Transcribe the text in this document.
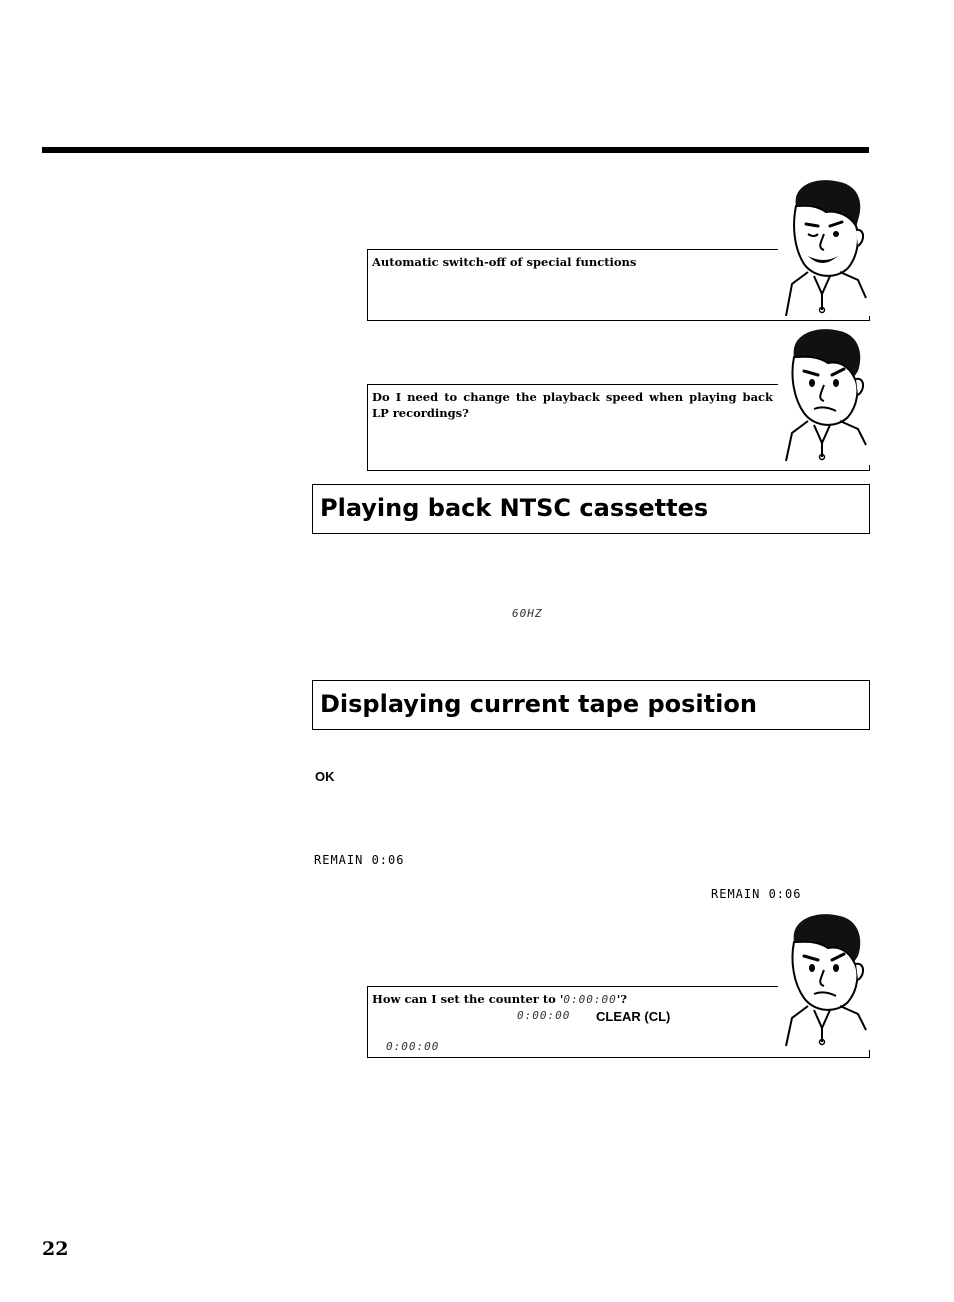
Automatic switch-off of special functions
Do I need to change the playback speed when playing back LP recordings?
Playing back NTSC cassettes
60HZ
Displaying current tape position
OK
REMAIN 0:06
REMAIN 0:06
How can I set the counter to '0:00:00'?
0:00:00 CLEAR (CL)
0:00:00
22
